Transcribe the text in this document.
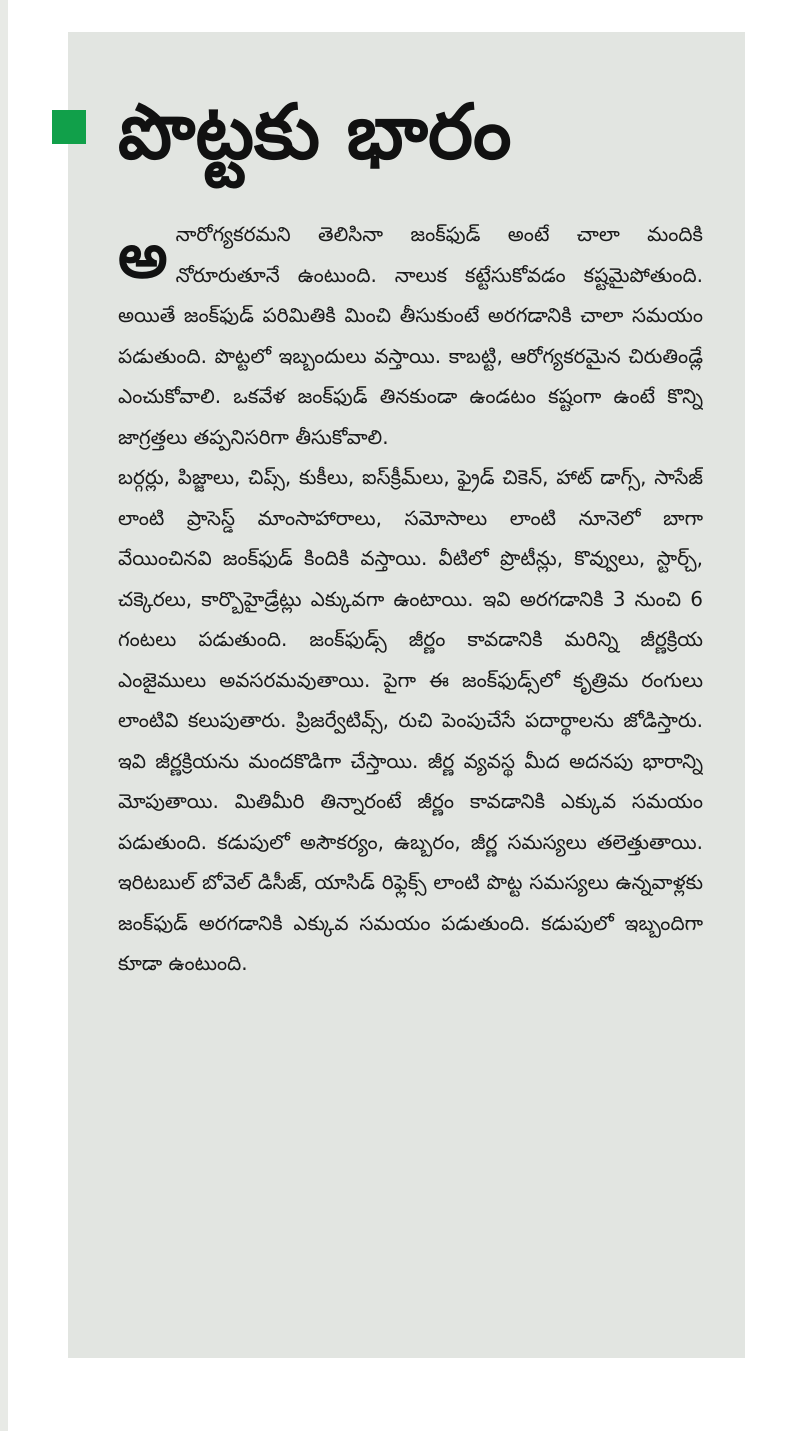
పొట్టకు భారం
అ నారోగ్యకరమని తెలిసినా జంక్‌ఫుడ్ అంటే చాలా మందికి నోరూరుతూనే ఉంటుంది. నాలుక కట్టేసుకోవడం కష్టమైపోతుంది. అయితే జంక్‌ఫుడ్ పరిమితికి మించి తీసుకుంటే అరగడానికి చాలా సమయం పడుతుంది. పొట్టలో ఇబ్బందులు వస్తాయి. కాబట్టి, ఆరోగ్యకరమైన చిరుతిండ్లే ఎంచుకోవాలి. ఒకవేళ జంక్‌ఫుడ్ తినకుండా ఉండటం కష్టంగా ఉంటే కొన్ని జాగ్రత్తలు తప్పనిసరిగా తీసుకోవాలి.
బర్గర్లు, పిజ్జాలు, చిప్స్, కుకీలు, ఐస్‌క్రీమ్‌లు, ఫ్రైడ్ చికెన్, హాట్ డాగ్స్, సాసేజ్ లాంటి ప్రాసెస్డ్ మాంసాహారాలు, సమోసాలు లాంటి నూనెలో బాగా వేయించినవి జంక్‌ఫుడ్ కిందికి వస్తాయి. వీటిలో ప్రొటీన్లు, కొవ్వులు, స్టార్చ్, చక్కెరలు, కార్బొహైడ్రేట్లు ఎక్కువగా ఉంటాయి. ఇవి అరగడానికి 3 నుంచి 6 గంటలు పడుతుంది. జంక్‌ఫుడ్స్ జీర్ణం కావడానికి మరిన్ని జీర్ణక్రియ ఎంజైములు అవసరమవుతాయి. పైగా ఈ జంక్‌ఫుడ్స్‌లో కృత్రిమ రంగులు లాంటివి కలుపుతారు. ప్రిజర్వేటివ్స్, రుచి పెంపుచేసే పదార్థాలను జోడిస్తారు. ఇవి జీర్ణక్రియను మందకొడిగా చేస్తాయి. జీర్ణ వ్యవస్థ మీద అదనపు భారాన్ని మోపుతాయి. మితిమీరి తిన్నారంటే జీర్ణం కావడానికి ఎక్కువ సమయం పడుతుంది. కడుపులో అసౌకర్యం, ఉబ్బరం, జీర్ణ సమస్యలు తలెత్తుతాయి. ఇరిటబుల్ బోవెల్ డిసీజ్, యాసిడ్ రిఫ్లెక్స్ లాంటి పొట్ట సమస్యలు ఉన్నవాళ్లకు జంక్‌ఫుడ్ అరగడానికి ఎక్కువ సమయం పడుతుంది. కడుపులో ఇబ్బందిగా కూడా ఉంటుంది.
